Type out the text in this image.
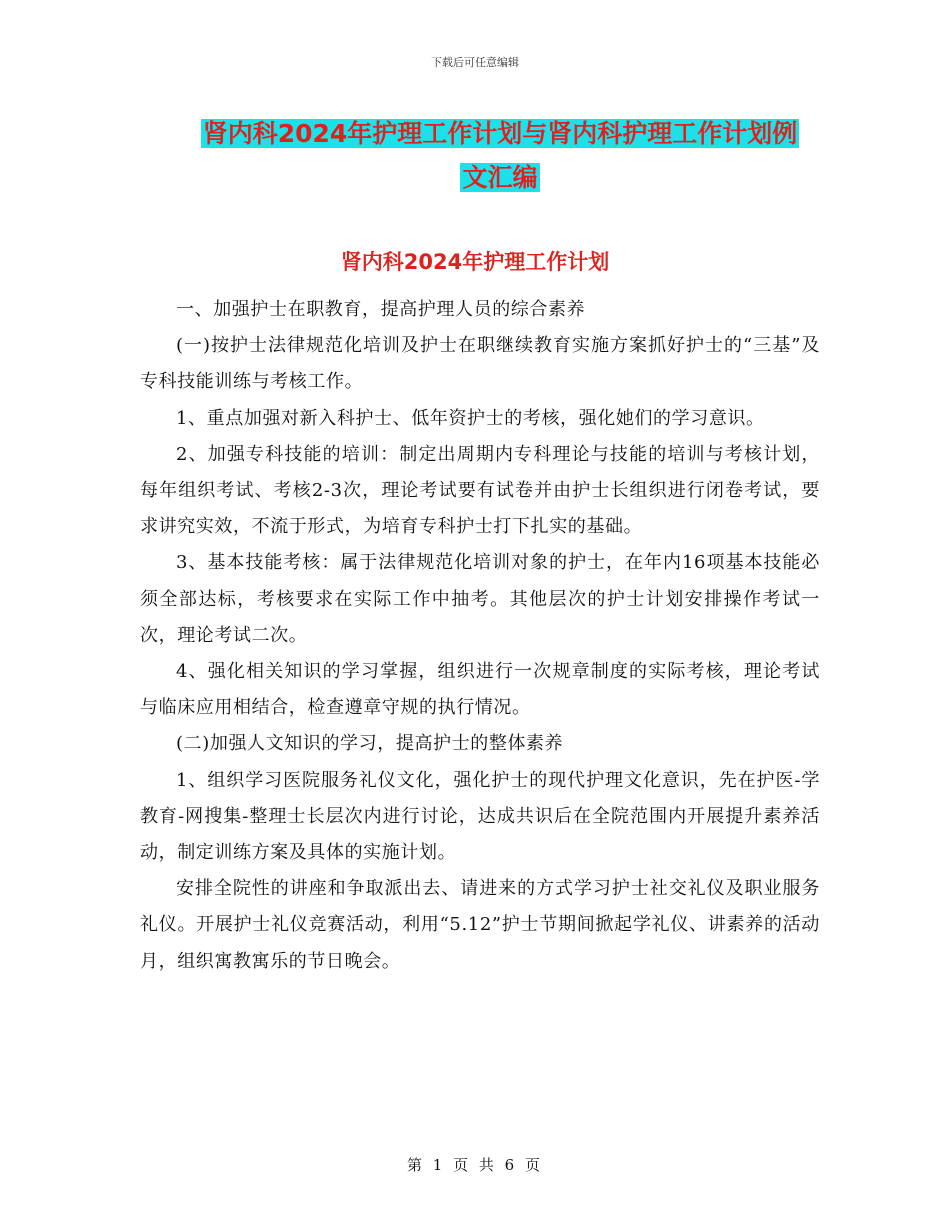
下载后可任意编辑
肾内科2024年护理工作计划与肾内科护理工作计划例
文汇编
肾内科2024年护理工作计划

一、加强护士在职教育，提高护理人员的综合素养

(一)按护士法律规范化培训及护士在职继续教育实施方案抓好护士的“三基”及专科技能训练与考核工作。

1、重点加强对新入科护士、低年资护士的考核，强化她们的学习意识。

2、加强专科技能的培训：制定出周期内专科理论与技能的培训与考核计划，每年组织考试、考核2-3次，理论考试要有试卷并由护士长组织进行闭卷考试，要求讲究实效，不流于形式，为培育专科护士打下扎实的基础。

3、基本技能考核：属于法律规范化培训对象的护士，在年内16项基本技能必须全部达标，考核要求在实际工作中抽考。其他层次的护士计划安排操作考试一次，理论考试二次。

4、强化相关知识的学习掌握，组织进行一次规章制度的实际考核，理论考试与临床应用相结合，检查遵章守规的执行情况。

(二)加强人文知识的学习，提高护士的整体素养

1、组织学习医院服务礼仪文化，强化护士的现代护理文化意识，先在护医-学教育-网搜集-整理士长层次内进行讨论，达成共识后在全院范围内开展提升素养活动，制定训练方案及具体的实施计划。

安排全院性的讲座和争取派出去、请进来的方式学习护士社交礼仪及职业服务礼仪。开展护士礼仪竞赛活动，利用“5.12”护士节期间掀起学礼仪、讲素养的活动月，组织寓教寓乐的节日晚会。

第 1 页 共 6 页
